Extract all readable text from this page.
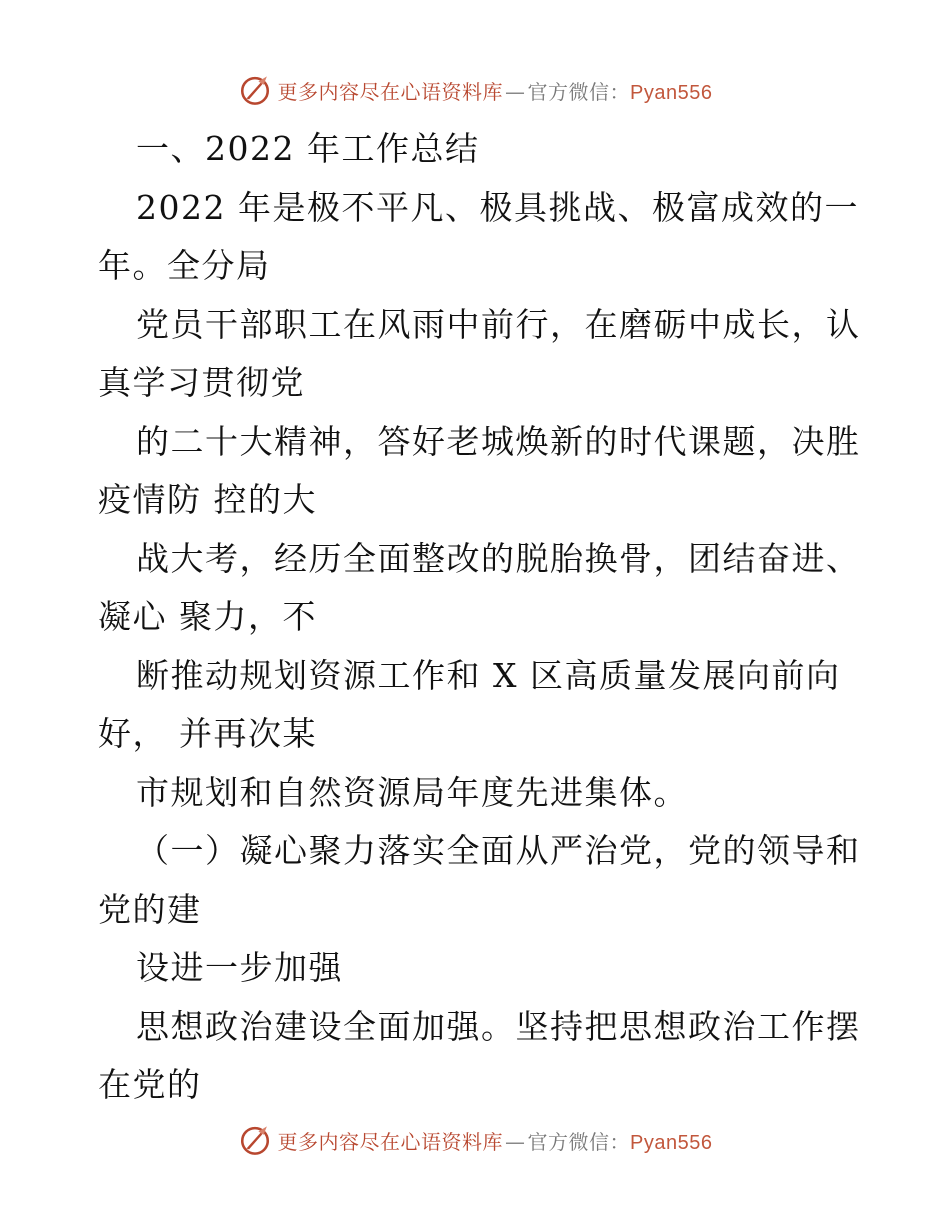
更多内容尽在心语资料库 — 官方微信：Pyan556
一、2022 年工作总结
2022 年是极不平凡、极具挑战、极富成效的一
年。全分局
党员干部职工在风雨中前行，在磨砺中成长，认
真学习贯彻党
的二十大精神，答好老城焕新的时代课题，决胜
疫情防 控的大
战大考，经历全面整改的脱胎换骨，团结奋进、
凝心 聚力，不
断推动规划资源工作和 X 区高质量发展向前向
好， 并再次某
市规划和自然资源局年度先进集体。
（一）凝心聚力落实全面从严治党，党的领导和
党的建
设进一步加强
思想政治建设全面加强。坚持把思想政治工作摆
在党的
更多内容尽在心语资料库 — 官方微信：Pyan556
